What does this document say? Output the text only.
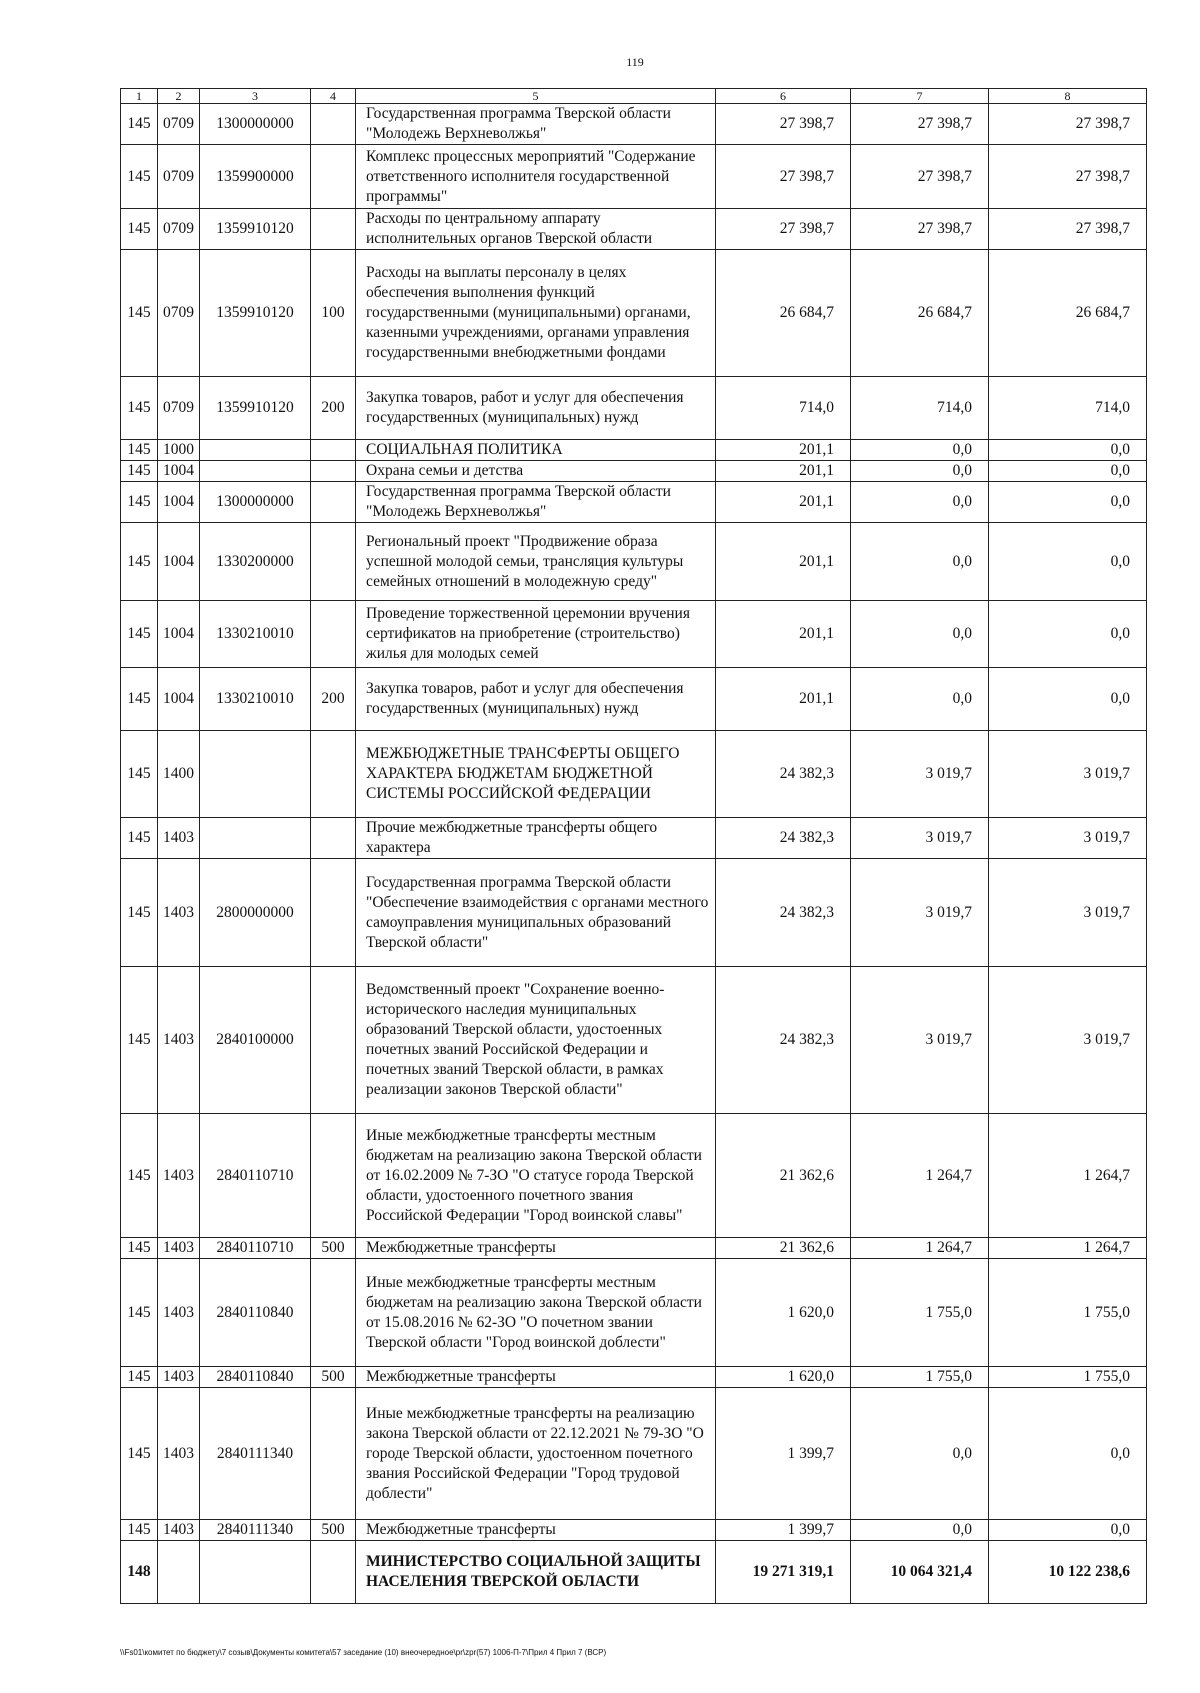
119
1	2	3	4	5	6	7	8
145	0709	1300000000		Государственная программа Тверской области "Молодежь Верхневолжья"	27 398,7	27 398,7	27 398,7
145	0709	1359900000		Комплекс процессных мероприятий "Содержание ответственного исполнителя государственной программы"	27 398,7	27 398,7	27 398,7
145	0709	1359910120		Расходы по центральному аппарату исполнительных органов Тверской области	27 398,7	27 398,7	27 398,7
145	0709	1359910120	100	Расходы на выплаты персоналу в целях обеспечения выполнения функций государственными (муниципальными) органами, казенными учреждениями, органами управления государственными внебюджетными фондами	26 684,7	26 684,7	26 684,7
145	0709	1359910120	200	Закупка товаров, работ и услуг для обеспечения государственных (муниципальных) нужд	714,0	714,0	714,0
145	1000			СОЦИАЛЬНАЯ ПОЛИТИКА	201,1	0,0	0,0
145	1004			Охрана семьи и детства	201,1	0,0	0,0
145	1004	1300000000		Государственная программа Тверской области "Молодежь Верхневолжья"	201,1	0,0	0,0
145	1004	1330200000		Региональный проект "Продвижение образа успешной молодой семьи, трансляция культуры семейных отношений в молодежную среду"	201,1	0,0	0,0
145	1004	1330210010		Проведение торжественной церемонии вручения сертификатов на приобретение (строительство) жилья для молодых семей	201,1	0,0	0,0
145	1004	1330210010	200	Закупка товаров, работ и услуг для обеспечения государственных (муниципальных) нужд	201,1	0,0	0,0
145	1400			МЕЖБЮДЖЕТНЫЕ ТРАНСФЕРТЫ ОБЩЕГО ХАРАКТЕРА БЮДЖЕТАМ БЮДЖЕТНОЙ СИСТЕМЫ РОССИЙСКОЙ ФЕДЕРАЦИИ	24 382,3	3 019,7	3 019,7
145	1403			Прочие межбюджетные трансферты общего характера	24 382,3	3 019,7	3 019,7
145	1403	2800000000		Государственная программа Тверской области "Обеспечение взаимодействия с органами местного самоуправления муниципальных образований Тверской области"	24 382,3	3 019,7	3 019,7
145	1403	2840100000		Ведомственный проект "Сохранение военно-исторического наследия муниципальных образований Тверской области, удостоенных почетных званий Российской Федерации и почетных званий Тверской области, в рамках реализации законов Тверской области"	24 382,3	3 019,7	3 019,7
145	1403	2840110710		Иные межбюджетные трансферты местным бюджетам на реализацию закона Тверской области от 16.02.2009 № 7-ЗО "О статусе города Тверской области, удостоенного почетного звания Российской Федерации "Город воинской славы"	21 362,6	1 264,7	1 264,7
145	1403	2840110710	500	Межбюджетные трансферты	21 362,6	1 264,7	1 264,7
145	1403	2840110840		Иные межбюджетные трансферты местным бюджетам на реализацию закона Тверской области от 15.08.2016 № 62-ЗО "О почетном звании Тверской области "Город воинской доблести"	1 620,0	1 755,0	1 755,0
145	1403	2840110840	500	Межбюджетные трансферты	1 620,0	1 755,0	1 755,0
145	1403	2840111340		Иные межбюджетные трансферты на реализацию закона Тверской области от 22.12.2021 № 79-ЗО "О городе Тверской области, удостоенном почетного звания Российской Федерации "Город трудовой доблести"	1 399,7	0,0	0,0
145	1403	2840111340	500	Межбюджетные трансферты	1 399,7	0,0	0,0
148				МИНИСТЕРСТВО СОЦИАЛЬНОЙ ЗАЩИТЫ НАСЕЛЕНИЯ ТВЕРСКОЙ ОБЛАСТИ	19 271 319,1	10 064 321,4	10 122 238,6
\\Fs01\комитет по бюджету\7 созыв\Документы комитета\57 заседание (10) внеочередное\pr\zpr(57) 1006-П-7\Прил 4 Прил 7 (ВСР)
